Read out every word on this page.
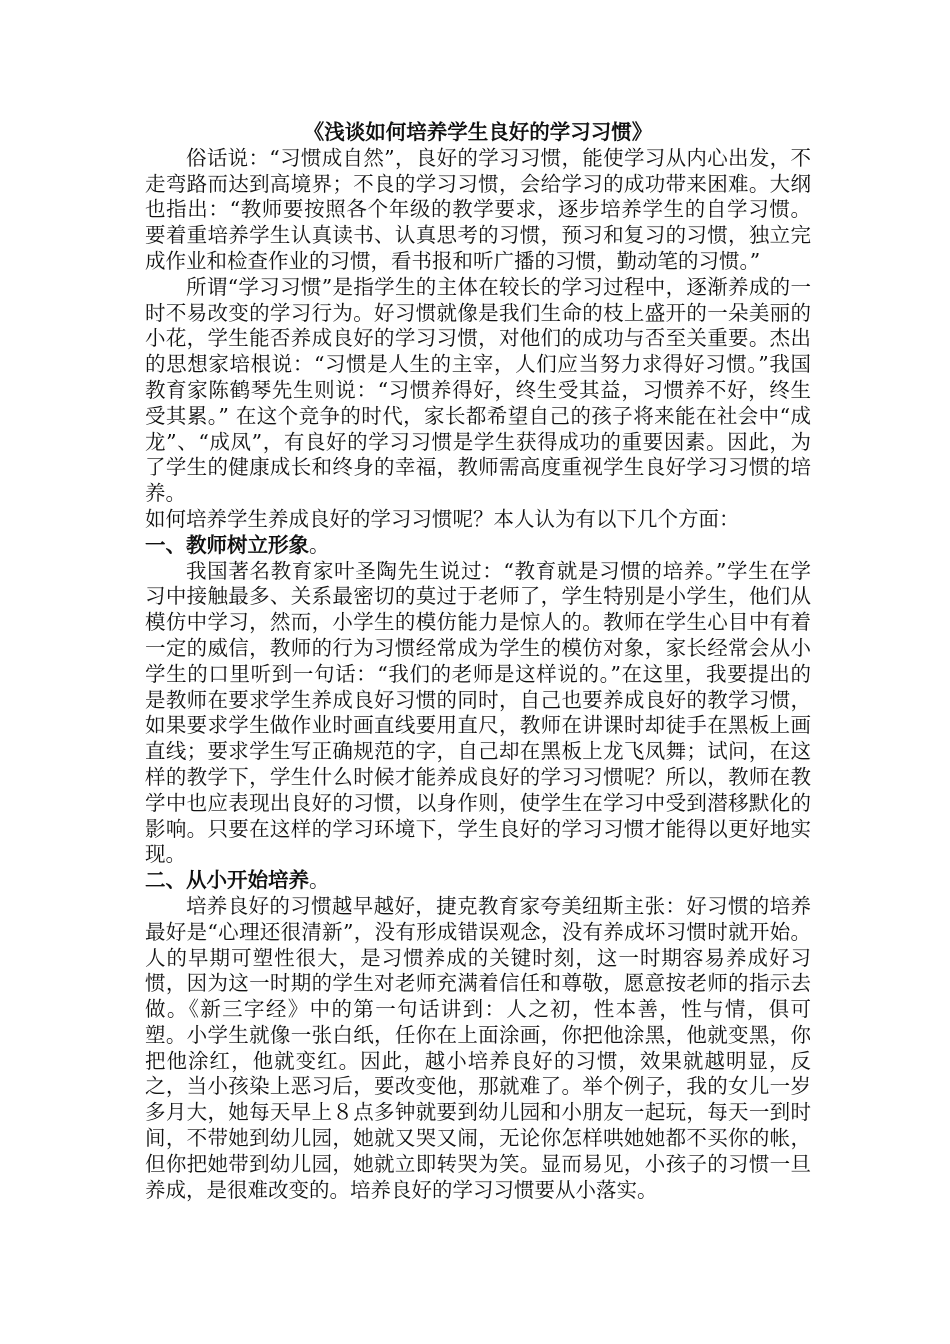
《浅谈如何培养学生良好的学习习惯》

俗话说：“习惯成自然”，良好的学习习惯，能使学习从内心出发，不走弯路而达到高境界；不良的学习习惯，会给学习的成功带来困难。大纲也指出：“教师要按照各个年级的教学要求，逐步培养学生的自学习惯。要着重培养学生认真读书、认真思考的习惯，预习和复习的习惯，独立完成作业和检查作业的习惯，看书报和听广播的习惯，勤动笔的习惯。”

所谓“学习习惯”是指学生的主体在较长的学习过程中，逐渐养成的一时不易改变的学习行为。好习惯就像是我们生命的枝上盛开的一朵美丽的小花，学生能否养成良好的学习习惯，对他们的成功与否至关重要。杰出的思想家培根说：“习惯是人生的主宰，人们应当努力求得好习惯。”我国教育家陈鹤琴先生则说：“习惯养得好，终生受其益，习惯养不好，终生受其累。” 在这个竞争的时代，家长都希望自己的孩子将来能在社会中“成龙”、“成凤”，有良好的学习习惯是学生获得成功的重要因素。因此，为了学生的健康成长和终身的幸福，教师需高度重视学生良好学习习惯的培养。

如何培养学生养成良好的学习习惯呢？本人认为有以下几个方面：

一、教师树立形象。

我国著名教育家叶圣陶先生说过：“教育就是习惯的培养。”学生在学习中接触最多、关系最密切的莫过于老师了，学生特别是小学生，他们从模仿中学习，然而，小学生的模仿能力是惊人的。教师在学生心目中有着一定的威信，教师的行为习惯经常成为学生的模仿对象，家长经常会从小学生的口里听到一句话：“我们的老师是这样说的。”在这里，我要提出的是教师在要求学生养成良好习惯的同时，自己也要养成良好的教学习惯，如果要求学生做作业时画直线要用直尺，教师在讲课时却徒手在黑板上画直线；要求学生写正确规范的字，自己却在黑板上龙飞凤舞；试问，在这样的教学下，学生什么时候才能养成良好的学习习惯呢？所以，教师在教学中也应表现出良好的习惯，以身作则，使学生在学习中受到潜移默化的影响。只要在这样的学习环境下，学生良好的学习习惯才能得以更好地实现。

二、从小开始培养。

培养良好的习惯越早越好，捷克教育家夸美纽斯主张：好习惯的培养最好是“心理还很清新”，没有形成错误观念，没有养成坏习惯时就开始。人的早期可塑性很大，是习惯养成的关键时刻，这一时期容易养成好习惯，因为这一时期的学生对老师充满着信任和尊敬，愿意按老师的指示去做。《新三字经》中的第一句话讲到：人之初，性本善，性与情，俱可塑。小学生就像一张白纸，任你在上面涂画，你把他涂黑，他就变黑，你把他涂红，他就变红。因此，越小培养良好的习惯，效果就越明显，反之，当小孩染上恶习后，要改变他，那就难了。举个例子，我的女儿一岁多月大，她每天早上８点多钟就要到幼儿园和小朋友一起玩，每天一到时间，不带她到幼儿园，她就又哭又闹，无论你怎样哄她她都不买你的帐，但你把她带到幼儿园，她就立即转哭为笑。显而易见，小孩子的习惯一旦养成，是很难改变的。培养良好的学习习惯要从小落实。
